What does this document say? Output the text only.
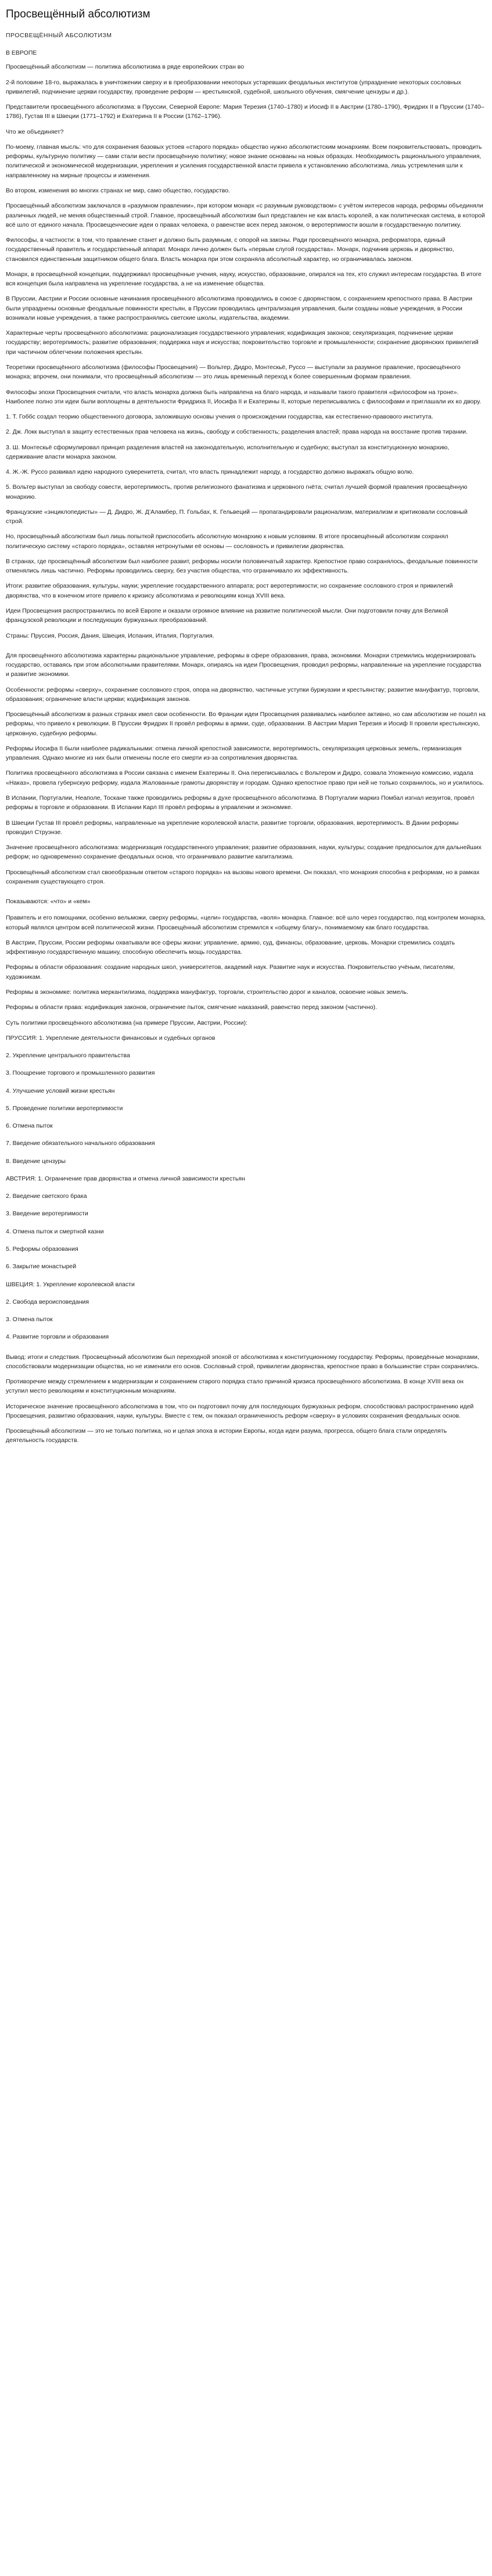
Просвещённый абсолютизм
ПРОСВЕЩЁННЫЙ АБСОЛЮТИЗМ
В ЕВРОПЕ

Просвещённый абсолютизм — политика абсолютизма в ряде европейских стран во

2-й половине 18-го, выражалась в уничтожении сверху и в преобразовании некоторых устаревших феодальных институтов (упразднение некоторых сословных привилегий, подчинение церкви государству, проведение реформ — крестьянской, судебной, школьного обучения, смягчение цензуры и др.).

Представители просвещённого абсолютизма: в Пруссии, Северной Европе: Мария Терезия (1740–1780) и Иосиф II в Австрии (1780–1790), Фридрих II в Пруссии (1740–1786), Густав III в Швеции (1771–1792) и Екатерина II в России (1762–1796).

Что же объединяет?

По-моему, главная мысль: что для сохранения базовых устоев «старого порядка» общество нужно абсолютистским монархиям. Всем покровительствовать, проводить реформы, культурную политику — сами стали вести просвещённую политику; новое знание основаны на новых образцах. Необходимость рационального управления, политической и экономической модернизации, укрепления и усиления государственной власти привела к установлению абсолютизма, лишь устремления шли к направленному на мирные процессы и изменения.

Во втором, изменения во многих странах не мир, само общество, государство.

Просвещённый абсолютизм заключался в «разумном правлении», при котором монарх «с разумным руководством» с учётом интересов народа, реформы объединяли различных людей, не меняя общественный строй. Главное, просвещённый абсолютизм был представлен не как власть королей, а как политическая система, в которой всё шло от единого начала. Просвещенческие идеи о правах человека, о равенстве всех перед законом, о веротерпимости вошли в государственную политику.

Философы, в частности: в том, что правление станет и должно быть разумным, с опорой на законы. Ради просвещённого монарха, реформатора, единый государственный правитель и государственный аппарат. Монарх лично должен быть «первым слугой государства». Монарх, подчинив церковь и дворянство, становился единственным защитником общего блага. Власть монарха при этом сохраняла абсолютный характер, но ограничивалась законом.

Монарх, в просвещённой концепции, поддерживал просвещённые учения, науку, искусство, образование, опирался на тех, кто служил интересам государства. В итоге вся концепция была направлена на укрепление государства, а не на изменение общества.

В Пруссии, Австрии и России основные начинания просвещённого абсолютизма проводились в союзе с дворянством, с сохранением крепостного права. В Австрии были упразднены основные феодальные повинности крестьян, в Пруссии проводилась централизация управления, были созданы новые учреждения, в России возникали новые учреждения, а также распространялись светские школы, издательства, академии.

Характерные черты просвещённого абсолютизма: рационализация государственного управления; кодификация законов; секуляризация, подчинение церкви государству; веротерпимость; развитие образования; поддержка наук и искусства; покровительство торговле и промышленности; сохранение дворянских привилегий при частичном облегчении положения крестьян.

Теоретики просвещённого абсолютизма (философы Просвещения) — Вольтер, Дидро, Монтескьё, Руссо — выступали за разумное правление, просвещённого монарха; впрочем, они понимали, что просвещённый абсолютизм — это лишь временный переход к более совершенным формам правления.

Философы эпохи Просвещения считали, что власть монарха должна быть направлена на благо народа, и называли такого правителя «философом на троне». Наиболее полно эти идеи были воплощены в деятельности Фридриха II, Иосифа II и Екатерины II, которые переписывались с философами и приглашали их ко двору.

1. Т. Гоббс создал теорию общественного договора, заложившую основы учения о происхождении государства, как естественно-правового института.

2. Дж. Локк выступал в защиту естественных прав человека на жизнь, свободу и собственность; разделения властей; права народа на восстание против тирании.

3. Ш. Монтескьё сформулировал принцип разделения властей на законодательную, исполнительную и судебную; выступал за конституционную монархию, сдерживание власти монарха законом.

4. Ж.-Ж. Руссо развивал идею народного суверенитета, считал, что власть принадлежит народу, а государство должно выражать общую волю.

5. Вольтер выступал за свободу совести, веротерпимость, против религиозного фанатизма и церковного гнёта; считал лучшей формой правления просвещённую монархию.

Французские «энциклопедисты» — Д. Дидро, Ж. Д’Аламбер, П. Гольбах, К. Гельвеций — пропагандировали рационализм, материализм и критиковали сословный строй.

Но, просвещённый абсолютизм был лишь попыткой приспособить абсолютную монархию к новым условиям. В итоге просвещённый абсолютизм сохранял политическую систему «старого порядка», оставляя нетронутыми её основы — сословность и привилегии дворянства.

В странах, где просвещённый абсолютизм был наиболее развит, реформы носили половинчатый характер. Крепостное право сохранялось, феодальные повинности отменялись лишь частично. Реформы проводились сверху, без участия общества, что ограничивало их эффективность.

Итоги: развитие образования, культуры, науки; укрепление государственного аппарата; рост веротерпимости; но сохранение сословного строя и привилегий дворянства, что в конечном итоге привело к кризису абсолютизма и революциям конца XVIII века.

Идеи Просвещения распространились по всей Европе и оказали огромное влияние на развитие политической мысли. Они подготовили почву для Великой французской революции и последующих буржуазных преобразований.

Страны: Пруссия, Россия, Дания, Швеция, Испания, Италия, Португалия.

Для просвещённого абсолютизма характерны рациональное управление, реформы в сфере образования, права, экономики. Монархи стремились модернизировать государство, оставаясь при этом абсолютными правителями. Монарх, опираясь на идеи Просвещения, проводил реформы, направленные на укрепление государства и развитие экономики.

Особенности: реформы «сверху», сохранение сословного строя, опора на дворянство, частичные уступки буржуазии и крестьянству; развитие мануфактур, торговли, образования; ограничение власти церкви; кодификация законов.

Просвещённый абсолютизм в разных странах имел свои особенности. Во Франции идеи Просвещения развивались наиболее активно, но сам абсолютизм не пошёл на реформы, что привело к революции. В Пруссии Фридрих II провёл реформы в армии, суде, образовании. В Австрии Мария Терезия и Иосиф II провели крестьянскую, церковную, судебную реформы.

Реформы Иосифа II были наиболее радикальными: отмена личной крепостной зависимости, веротерпимость, секуляризация церковных земель, германизация управления. Однако многие из них были отменены после его смерти из-за сопротивления дворянства.

Политика просвещённого абсолютизма в России связана с именем Екатерины II. Она переписывалась с Вольтером и Дидро, созвала Уложенную комиссию, издала «Наказ», провела губернскую реформу, издала Жалованные грамоты дворянству и городам. Однако крепостное право при ней не только сохранилось, но и усилилось.

В Испании, Португалии, Неаполе, Тоскане также проводились реформы в духе просвещённого абсолютизма. В Португалии маркиз Помбал изгнал иезуитов, провёл реформы в торговле и образовании. В Испании Карл III провёл реформы в управлении и экономике.

В Швеции Густав III провёл реформы, направленные на укрепление королевской власти, развитие торговли, образования, веротерпимость. В Дании реформы проводил Струэнзе.

Значение просвещённого абсолютизма: модернизация государственного управления; развитие образования, науки, культуры; создание предпосылок для дальнейших реформ; но одновременно сохранение феодальных основ, что ограничивало развитие капитализма.

Просвещённый абсолютизм стал своеобразным ответом «старого порядка» на вызовы нового времени. Он показал, что монархия способна к реформам, но в рамках сохранения существующего строя.

Показываются: «что» и «кем»

Правитель и его помощники, особенно вельможи, сверху реформы, «цели» государства, «воля» монарха. Главное: всё шло через государство, под контролем монарха, который являлся центром всей политической жизни. Просвещённый абсолютизм стремился к «общему благу», понимаемому как благо государства.

В Австрии, Пруссии, России реформы охватывали все сферы жизни: управление, армию, суд, финансы, образование, церковь. Монархи стремились создать эффективную государственную машину, способную обеспечить мощь государства.

Реформы в области образования: создание народных школ, университетов, академий наук. Развитие наук и искусства. Покровительство учёным, писателям, художникам.

Реформы в экономике: политика меркантилизма, поддержка мануфактур, торговли, строительство дорог и каналов, освоение новых земель.

Реформы в области права: кодификация законов, ограничение пыток, смягчение наказаний, равенство перед законом (частично).

Суть политики просвещённого абсолютизма (на примере Пруссии, Австрии, России):

ПРУССИЯ: 1. Укрепление деятельности финансовых и судебных органов

2. Укрепление центрального правительства

3. Поощрение торгового и промышленного развития

4. Улучшение условий жизни крестьян

5. Проведение политики веротерпимости

6. Отмена пыток

7. Введение обязательного начального образования

8. Введение цензуры

АВСТРИЯ: 1. Ограничение прав дворянства и отмена личной зависимости крестьян

2. Введение светского брака

3. Введение веротерпимости

4. Отмена пыток и смертной казни

5. Реформы образования

6. Закрытие монастырей

ШВЕЦИЯ: 1. Укрепление королевской власти

2. Свобода вероисповедания

3. Отмена пыток

4. Развитие торговли и образования

Вывод: итоги и следствия. Просвещённый абсолютизм был переходной эпохой от абсолютизма к конституционному государству. Реформы, проведённые монархами, способствовали модернизации общества, но не изменили его основ. Сословный строй, привилегии дворянства, крепостное право в большинстве стран сохранились.

Противоречие между стремлением к модернизации и сохранением старого порядка стало причиной кризиса просвещённого абсолютизма. В конце XVIII века он уступил место революциям и конституционным монархиям.

Историческое значение просвещённого абсолютизма в том, что он подготовил почву для последующих буржуазных реформ, способствовал распространению идей Просвещения, развитию образования, науки, культуры. Вместе с тем, он показал ограниченность реформ «сверху» в условиях сохранения феодальных основ.

Просвещённый абсолютизм — это не только политика, но и целая эпоха в истории Европы, когда идеи разума, прогресса, общего блага стали определять деятельность государств.
